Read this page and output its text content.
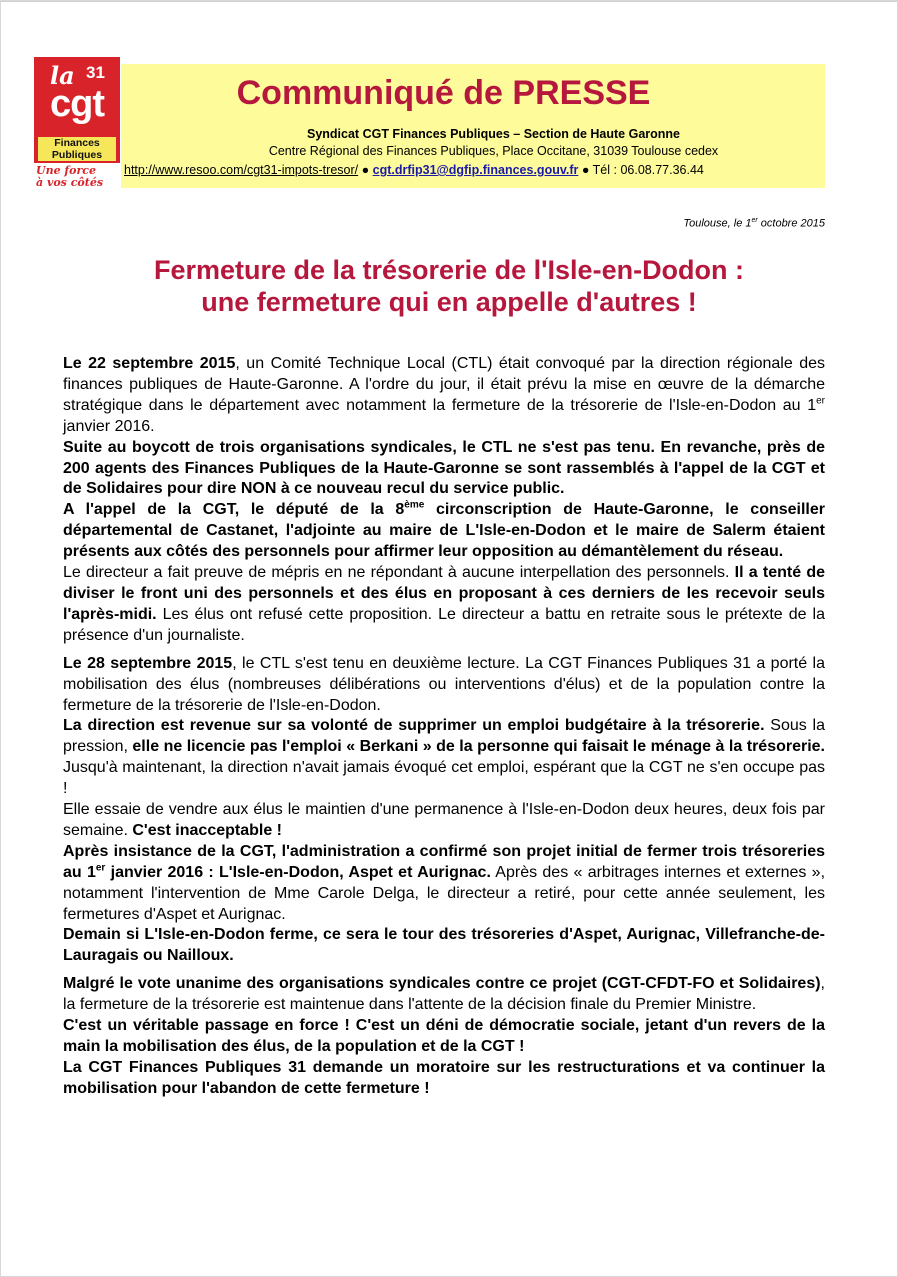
la 31
cgt
Finances
Publiques
Une force
à vos côtés
Communiqué de PRESSE
Syndicat CGT Finances Publiques – Section de Haute Garonne
Centre Régional des Finances Publiques, Place Occitane, 31039 Toulouse cedex
http://www.resoo.com/cgt31-impots-tresor/ ● cgt.drfip31@dgfip.finances.gouv.fr ● Tél : 06.08.77.36.44
Toulouse, le 1er octobre 2015
Fermeture de la trésorerie de l'Isle-en-Dodon :
une fermeture qui en appelle d'autres !

Le 22 septembre 2015, un Comité Technique Local (CTL) était convoqué par la direction régionale des finances publiques de Haute-Garonne. A l'ordre du jour, il était prévu la mise en œuvre de la démarche stratégique dans le département avec notamment la fermeture de la trésorerie de l'Isle-en-Dodon au 1er janvier 2016.

Suite au boycott de trois organisations syndicales, le CTL ne s'est pas tenu. En revanche, près de 200 agents des Finances Publiques de la Haute-Garonne se sont rassemblés à l'appel de la CGT et de Solidaires pour dire NON à ce nouveau recul du service public.

A l'appel de la CGT, le député de la 8ème circonscription de Haute-Garonne, le conseiller départemental de Castanet, l'adjointe au maire de L'Isle-en-Dodon et le maire de Salerm étaient présents aux côtés des personnels pour affirmer leur opposition au démantèlement du réseau.

Le directeur a fait preuve de mépris en ne répondant à aucune interpellation des personnels. Il a tenté de diviser le front uni des personnels et des élus en proposant à ces derniers de les recevoir seuls l'après-midi. Les élus ont refusé cette proposition. Le directeur a battu en retraite sous le prétexte de la présence d'un journaliste.

Le 28 septembre 2015, le CTL s'est tenu en deuxième lecture. La CGT Finances Publiques 31 a porté la mobilisation des élus (nombreuses délibérations ou interventions d'élus) et de la population contre la fermeture de la trésorerie de l'Isle-en-Dodon.

La direction est revenue sur sa volonté de supprimer un emploi budgétaire à la trésorerie. Sous la pression, elle ne licencie pas l'emploi « Berkani » de la personne qui faisait le ménage à la trésorerie. Jusqu'à maintenant, la direction n'avait jamais évoqué cet emploi, espérant que la CGT ne s'en occupe pas !

Elle essaie de vendre aux élus le maintien d'une permanence à l'Isle-en-Dodon deux heures, deux fois par semaine. C'est inacceptable !

Après insistance de la CGT, l'administration a confirmé son projet initial de fermer trois trésoreries au 1er janvier 2016 : L'Isle-en-Dodon, Aspet et Aurignac. Après des « arbitrages internes et externes », notamment l'intervention de Mme Carole Delga, le directeur a retiré, pour cette année seulement, les fermetures d'Aspet et Aurignac.

Demain si L'Isle-en-Dodon ferme, ce sera le tour des trésoreries d'Aspet, Aurignac, Villefranche-de-Lauragais ou Nailloux.

Malgré le vote unanime des organisations syndicales contre ce projet (CGT-CFDT-FO et Solidaires), la fermeture de la trésorerie est maintenue dans l'attente de la décision finale du Premier Ministre.

C'est un véritable passage en force ! C'est un déni de démocratie sociale, jetant d'un revers de la main la mobilisation des élus, de la population et de la CGT !

La CGT Finances Publiques 31 demande un moratoire sur les restructurations et va continuer la mobilisation pour l'abandon de cette fermeture !
